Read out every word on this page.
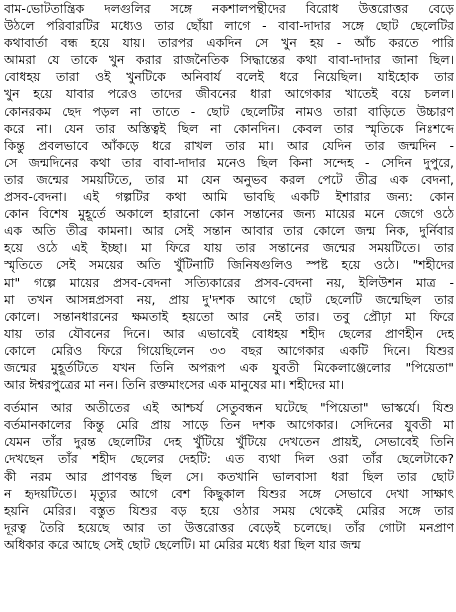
বাম-ভোটতান্ত্রিক দলগুলির সঙ্গে নকশালপন্থীদের বিরোধ উত্তরোত্তর বেড়ে
উঠলে পরিবারটির মধ্যেও তার ছোঁয়া লাগে - বাবা-দাদার সঙ্গে ছোট ছেলেটির
কথাবার্তা বন্ধ হয়ে যায়। তারপর একদিন সে খুন হয় - আঁচ করতে পারি
আমরা যে তাকে খুন করার রাজনৈতিক সিদ্ধান্তের কথা বাবা-দাদার জানা ছিল।
বোধহয় তারা ওই খুনটিকে অনিবার্য বলেই ধরে নিয়েছিল। যাইহোক তার
খুন হয়ে যাবার পরেও তাদের জীবনের ধারা আগেকার খাতেই বয়ে চলল।
কোনরকম ছেদ পড়ল না তাতে - ছোট ছেলেটির নামও তারা বাড়িতে উচ্চারণ
করে না। যেন তার অস্তিত্বই ছিল না কোনদিন। কেবল তার স্মৃতিকে নিঃশব্দে
কিন্তু প্রবলভাবে আঁকড়ে ধরে রাখল তার মা। আর যেদিন তার জন্মদিন -
সে জন্মদিনের কথা তার বাবা-দাদার মনেও ছিল কিনা সন্দেহ - সেদিন দুপুরে,
তার জন্মের সময়টিতে, তার মা যেন অনুভব করল পেটে তীব্র এক বেদনা,
প্রসব-বেদনা। এই গল্পটির কথা আমি ভাবছি একটি ইশারার জন্য: কোন
কোন বিশেষ মুহূর্তে অকালে হারানো কোন সন্তানের জন্য মায়ের মনে জেগে ওঠে
এক অতি তীব্র কামনা। আর সেই সন্তান আবার তার কোলে জন্ম নিক, দুর্নিবার
হয়ে ওঠে এই ইচ্ছা। মা ফিরে যায় তার সন্তানের জন্মের সময়টিতে। তার
স্মৃতিতে সেই সময়ের অতি খুঁটিনাটি জিনিষগুলিও স্পষ্ট হয়ে ওঠে। "শহীদের
মা" গল্পে মায়ের প্রসব-বেদনা সত্যিকারের প্রসব-বেদনা নয়, ইলিউশন মাত্র -
মা তখন আসন্নপ্রসবা নয়, প্রায় দু'দশক আগে ছোট ছেলেটি জন্মেছিল তার
কোলে। সন্তানধারনের ক্ষমতাই হয়তো আর নেই তার। তবু প্রৌঢ়া মা ফিরে
যায় তার যৌবনের দিনে। আর এভাবেই বোধহয় শহীদ ছেলের প্রাণহীন দেহ
কোলে মেরিও ফিরে গিয়েছিলেন ৩৩ বছর আগেকার একটি দিনে। যিশুর
জন্মের মুহূর্তটিতে যখন তিনি অপরূপ এক যুবতী মিকেলাঞ্জেলোর "পিয়েতা"
আর ঈশ্বরপুত্রের মা নন। তিনি রক্তমাংসের এক মানুষের মা। শহীদের মা।
বর্তমান আর অতীতের এই আশ্চর্য সেতুবন্ধন ঘটেছে "পিয়েতা" ভাস্কর্যে। যিশু
বর্তমানকালের কিন্তু মেরি প্রায় সাড়ে তিন দশক আগেকার। সেদিনের যুবতী মা
যেমন তাঁর দুরন্ত ছেলেটির দেহ খুঁটিয়ে খুঁটিয়ে দেখতেন প্রায়ই, সেভাবেই তিনি
দেখছেন তাঁর শহীদ ছেলের দেহটি: এত ব্যথা দিল ওরা তাঁর ছেলেটাকে?
কী নরম আর প্রাণবন্ত ছিল সে। কতখানি ভালবাসা ধরা ছিল তার ছোট
ন হৃদয়টিতে। মৃত্যুর আগে বেশ কিছুকাল যিশুর সঙ্গে সেভাবে দেখা সাক্ষাৎ
হয়নি মেরির। বস্তুত যিশুর বড় হয়ে ওঠার সময় থেকেই মেরির সঙ্গে তার
দূরত্ব তৈরি হয়েছে আর তা উত্তরোত্তর বেড়েই চলেছে। তাঁর গোটা মনপ্রাণ
অধিকার করে আছে সেই ছোট ছেলেটি। মা মেরির মধ্যে ধরা ছিল যার জন্ম
